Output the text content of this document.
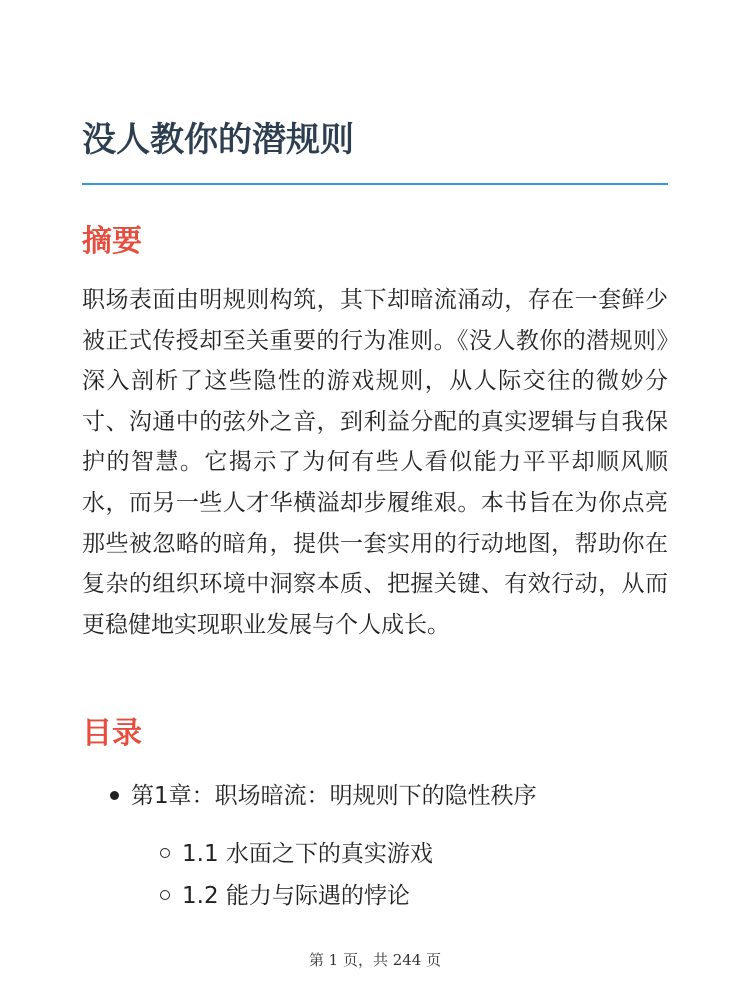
没人教你的潜规则
摘要

职场表面由明规则构筑，其下却暗流涌动，存在一套鲜少被正式传授却至关重要的行为准则。《没人教你的潜规则》深入剖析了这些隐性的游戏规则，从人际交往的微妙分寸、沟通中的弦外之音，到利益分配的真实逻辑与自我保护的智慧。它揭示了为何有些人看似能力平平却顺风顺水，而另一些人才华横溢却步履维艰。本书旨在为你点亮那些被忽略的暗角，提供一套实用的行动地图，帮助你在复杂的组织环境中洞察本质、把握关键、有效行动，从而更稳健地实现职业发展与个人成长。

目录
第1章：职场暗流：明规则下的隐性秩序
1.1 水面之下的真实游戏
1.2 能力与际遇的悖论
第 1 页，共 244 页
